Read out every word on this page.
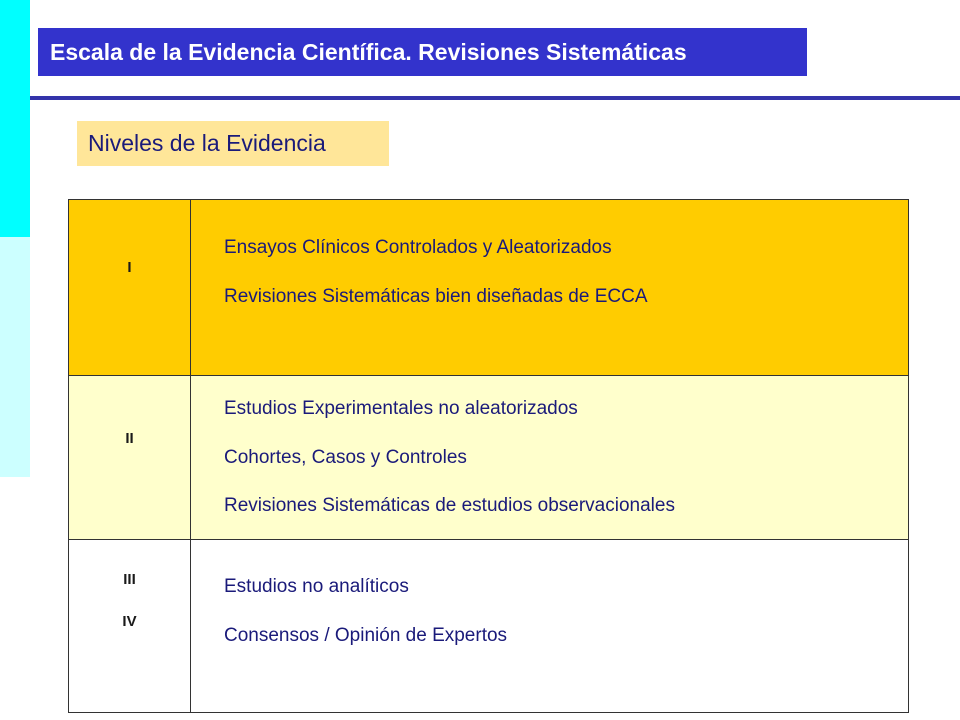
Escala de la Evidencia Científica. Revisiones Sistemáticas
Niveles de la Evidencia
I
Ensayos Clínicos Controlados y Aleatorizados
Revisiones Sistemáticas bien diseñadas de ECCA
II
Estudios Experimentales no aleatorizados
Cohortes, Casos y Controles
Revisiones Sistemáticas de estudios observacionales
III
IV
Estudios no analíticos
Consensos / Opinión de Expertos
